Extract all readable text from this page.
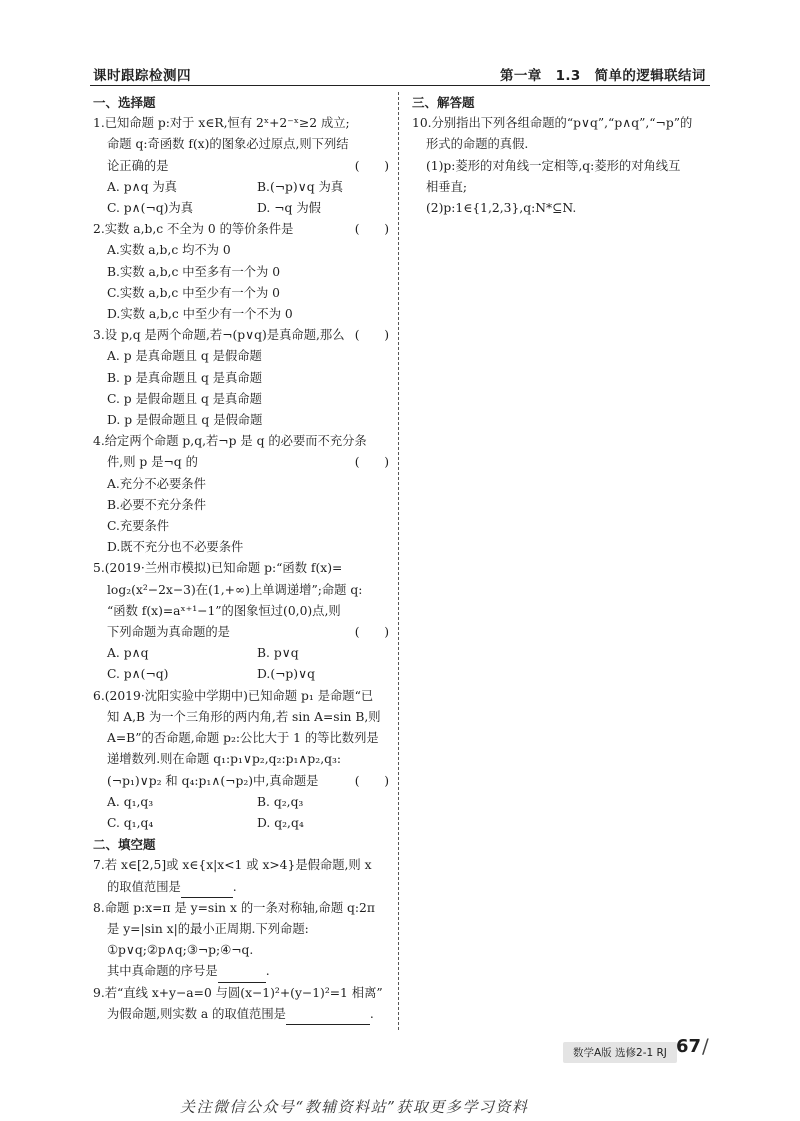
课时跟踪检测四	第一章　1.3　简单的逻辑联结词
一、选择题
1.已知命题 p:对于 x∈R,恒有 2ˣ+2⁻ˣ≥2 成立;
命题 q:奇函数 f(x)的图象必过原点,则下列结
论正确的是	(　　)
A. p∧q 为真	B.(¬p)∨q 为真
C. p∧(¬q)为真	D. ¬q 为假
2.实数 a,b,c 不全为 0 的等价条件是	(　　)
A.实数 a,b,c 均不为 0
B.实数 a,b,c 中至多有一个为 0
C.实数 a,b,c 中至少有一个为 0
D.实数 a,b,c 中至少有一个不为 0
3.设 p,q 是两个命题,若¬(p∨q)是真命题,那么 (　　)
A. p 是真命题且 q 是假命题
B. p 是真命题且 q 是真命题
C. p 是假命题且 q 是真命题
D. p 是假命题且 q 是假命题
4.给定两个命题 p,q,若¬p 是 q 的必要而不充分条
件,则 p 是¬q 的	(　　)
A.充分不必要条件
B.必要不充分条件
C.充要条件
D.既不充分也不必要条件
5.(2019·兰州市模拟)已知命题 p:“函数 f(x)=
log₂(x²−2x−3)在(1,+∞)上单调递增”;命题 q:
“函数 f(x)=aˣ⁺¹−1”的图象恒过(0,0)点,则
下列命题为真命题的是	(　　)
A. p∧q	B. p∨q
C. p∧(¬q)	D.(¬p)∨q
6.(2019·沈阳实验中学期中)已知命题 p₁ 是命题“已
知 A,B 为一个三角形的两内角,若 sin A=sin B,则
A=B”的否命题,命题 p₂:公比大于 1 的等比数列是
递增数列.则在命题 q₁:p₁∨p₂,q₂:p₁∧p₂,q₃:
(¬p₁)∨p₂ 和 q₄:p₁∧(¬p₂)中,真命题是	(　　)
A. q₁,q₃	B. q₂,q₃
C. q₁,q₄	D. q₂,q₄
二、填空题
7.若 x∈[2,5]或 x∈{x|x<1 或 x>4}是假命题,则 x
的取值范围是	.
8.命题 p:x=π 是 y=sin x 的一条对称轴,命题 q:2π
是 y=|sin x|的最小正周期.下列命题:
①p∨q;②p∧q;③¬p;④¬q.
其中真命题的序号是	.
9.若“直线 x+y−a=0 与圆(x−1)²+(y−1)²=1 相离”
为假命题,则实数 a 的取值范围是	.
三、解答题
10.分别指出下列各组命题的“p∨q”,“p∧q”,“¬p”的
形式的命题的真假.
(1)p:菱形的对角线一定相等,q:菱形的对角线互
相垂直;
(2)p:1∈{1,2,3},q:N*⊆N.
数学A版 选修2-1 RJ 67 /
关注微信公众号“教辅资料站”获取更多学习资料
